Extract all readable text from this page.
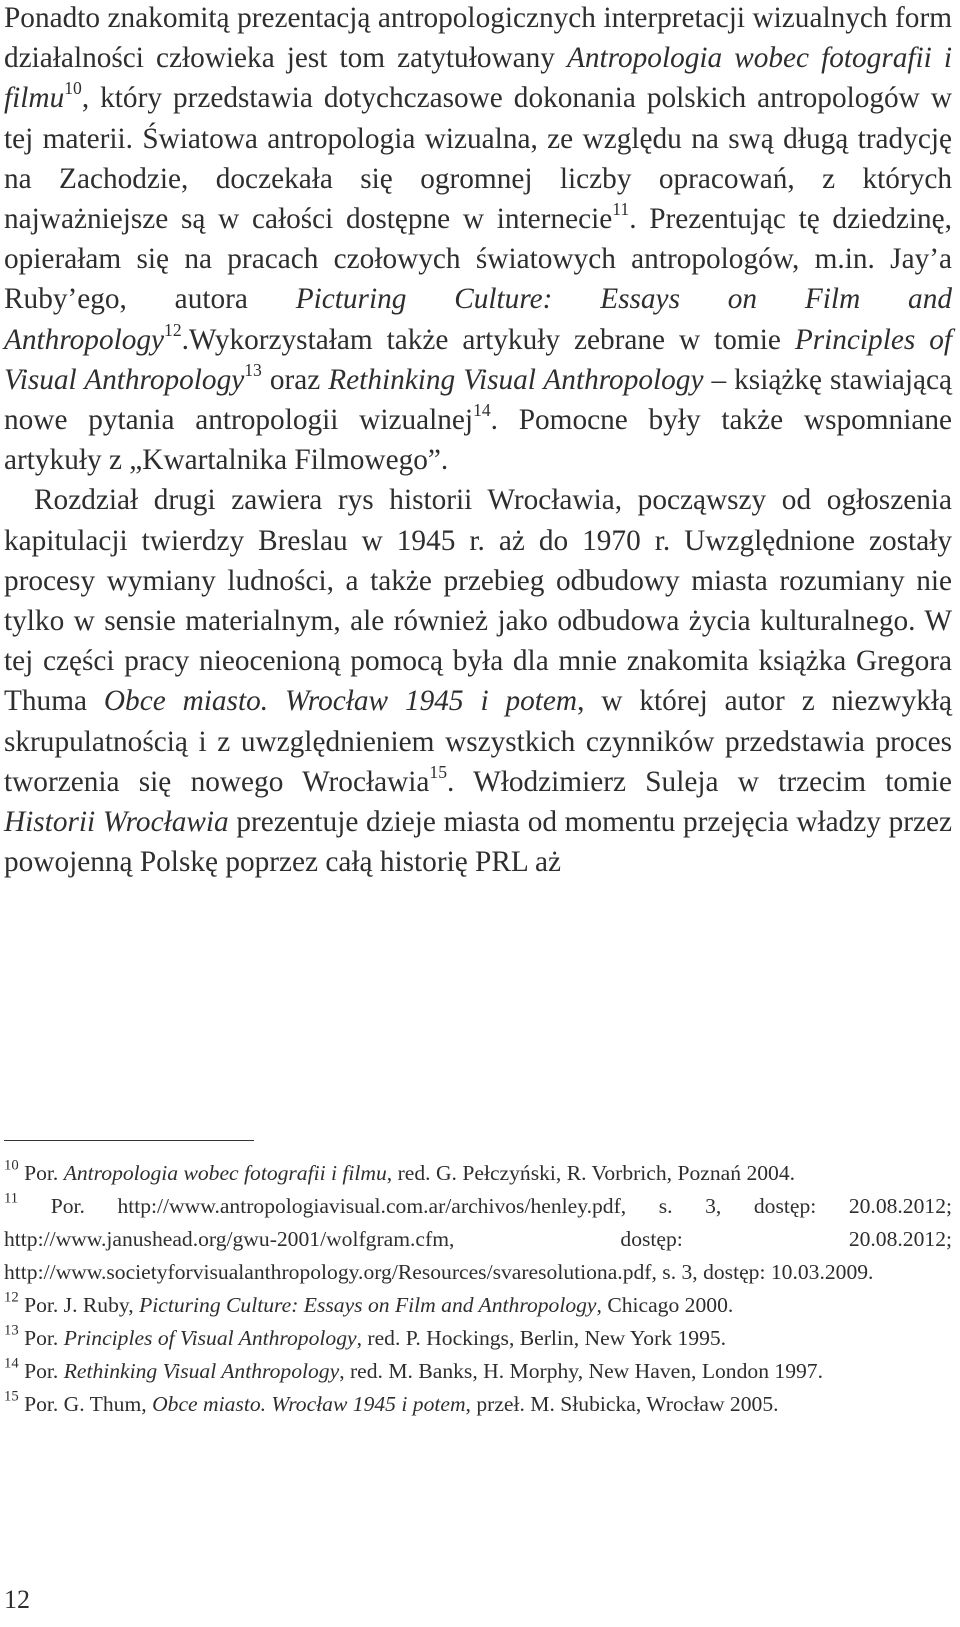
Ponadto znakomitą prezentacją antropologicznych interpretacji wizualnych form działalności człowieka jest tom zatytułowany Antropologia wobec fotografii i filmu$^{10}$, który przedstawia dotychczasowe dokonania polskich antropologów w tej materii. Światowa antropologia wizualna, ze względu na swą długą tradycję na Zachodzie, doczekała się ogromnej liczby opracowań, z których najważniejsze są w całości dostępne w internecie$^{11}$. Prezentując tę dziedzinę, opierałam się na pracach czołowych światowych antropologów, m.in. Jay’a Ruby’ego, autora Picturing Culture: Essays on Film and Anthropology$^{12}$.Wykorzystałam także artykuły zebrane w tomie Principles of Visual Anthropology$^{13}$ oraz Rethinking Visual Anthropology – książkę stawiającą nowe pytania antropologii wizualnej$^{14}$. Pomocne były także wspomniane artykuły z „Kwartalnika Filmowego”.

Rozdział drugi zawiera rys historii Wrocławia, począwszy od ogłoszenia kapitulacji twierdzy Breslau w 1945 r. aż do 1970 r. Uwzględnione zostały procesy wymiany ludności, a także przebieg odbudowy miasta rozumiany nie tylko w sensie materialnym, ale również jako odbudowa życia kulturalnego. W tej części pracy nieocenioną pomocą była dla mnie znakomita książka Gregora Thuma Obce miasto. Wrocław 1945 i potem, w której autor z niezwykłą skrupulatnością i z uwzględnieniem wszystkich czynników przedstawia proces tworzenia się nowego Wrocławia$^{15}$. Włodzimierz Suleja w trzecim tomie Historii Wrocławia prezentuje dzieje miasta od momentu przejęcia władzy przez powojenną Polskę poprzez całą historię PRL aż

$^{10}$ Por. Antropologia wobec fotografii i filmu, red. G. Pełczyński, R. Vorbrich, Poznań 2004.

$^{11}$ Por. http://www.antropologiavisual.com.ar/archivos/henley.pdf, s. 3, dostęp: 20.08.2012; http://www.janushead.org/gwu-2001/wolfgram.cfm, dostęp: 20.08.2012; http://www.societyforvisualanthropology.org/Resources/svaresolutiona.pdf, s. 3, dostęp: 10.03.2009.

$^{12}$ Por. J. Ruby, Picturing Culture: Essays on Film and Anthropology, Chicago 2000.

$^{13}$ Por. Principles of Visual Anthropology, red. P. Hockings, Berlin, New York 1995.

$^{14}$ Por. Rethinking Visual Anthropology, red. M. Banks, H. Morphy, New Haven, London 1997.

$^{15}$ Por. G. Thum, Obce miasto. Wrocław 1945 i potem, przeł. M. Słubicka, Wrocław 2005.

12
